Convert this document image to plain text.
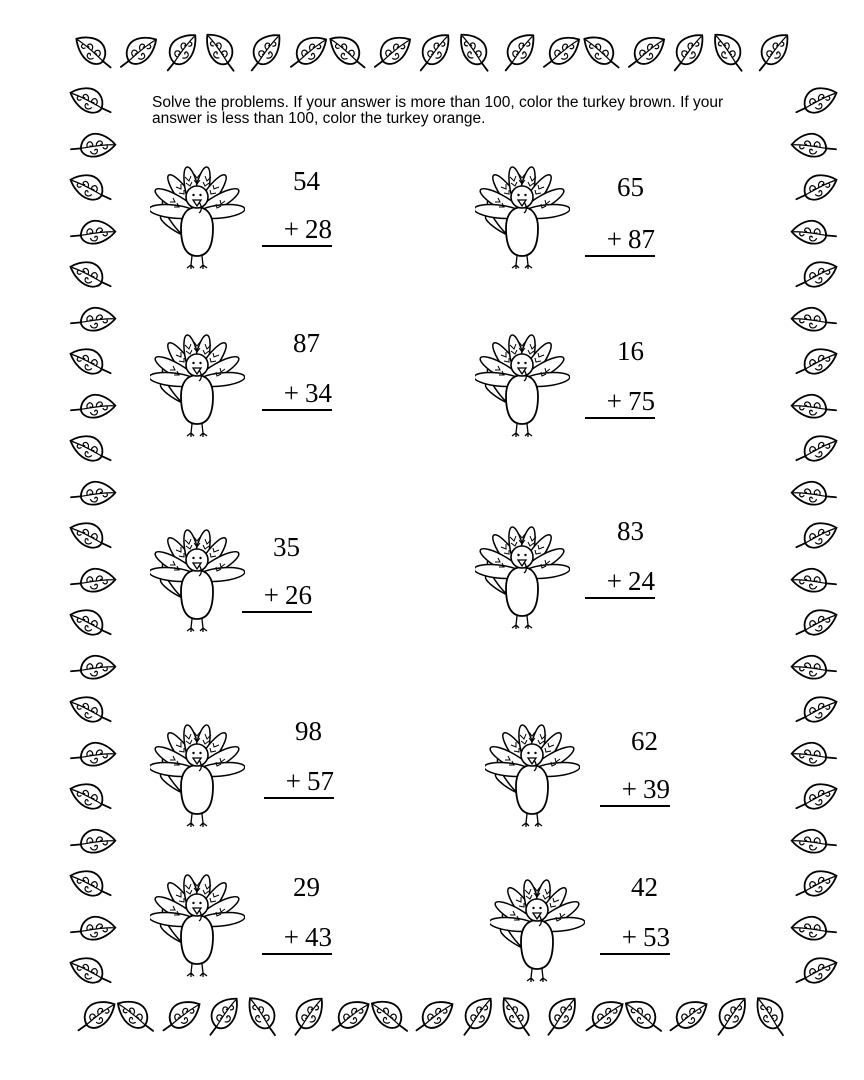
Solve the problems. If your answer is more than 100, color the turkey brown. If your answer is less than 100, color the turkey orange.
54
+ 28
65
+ 87
87
+ 34
16
+ 75
35
+ 26
83
+ 24
98
+ 57
62
+ 39
29
+ 43
42
+ 53
